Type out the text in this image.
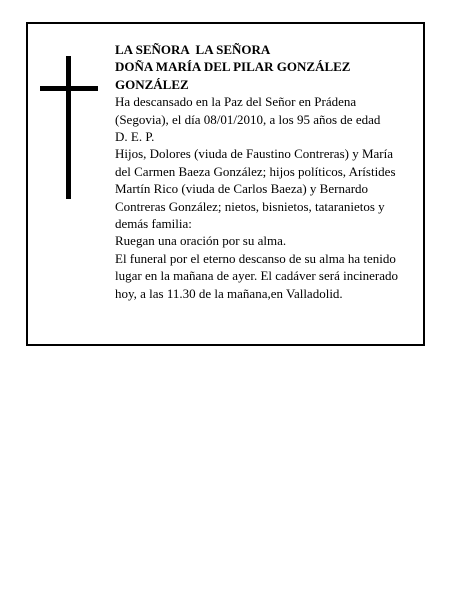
LA SEÑORA  LA SEÑORA
DOÑA MARÍA DEL PILAR GONZÁLEZ
GONZÁLEZ
Ha descansado en la Paz del Señor en Prádena
(Segovia), el día 08/01/2010, a los 95 años de edad
D. E. P.
Hijos, Dolores (viuda de Faustino Contreras) y María
del Carmen Baeza González; hijos políticos, Arístides
Martín Rico (viuda de Carlos Baeza) y Bernardo
Contreras González; nietos, bisnietos, tataranietos y
demás familia:
Ruegan una oración por su alma.
El funeral por el eterno descanso de su alma ha tenido
lugar en la mañana de ayer. El cadáver será incinerado
hoy, a las 11.30 de la mañana,en Valladolid.
